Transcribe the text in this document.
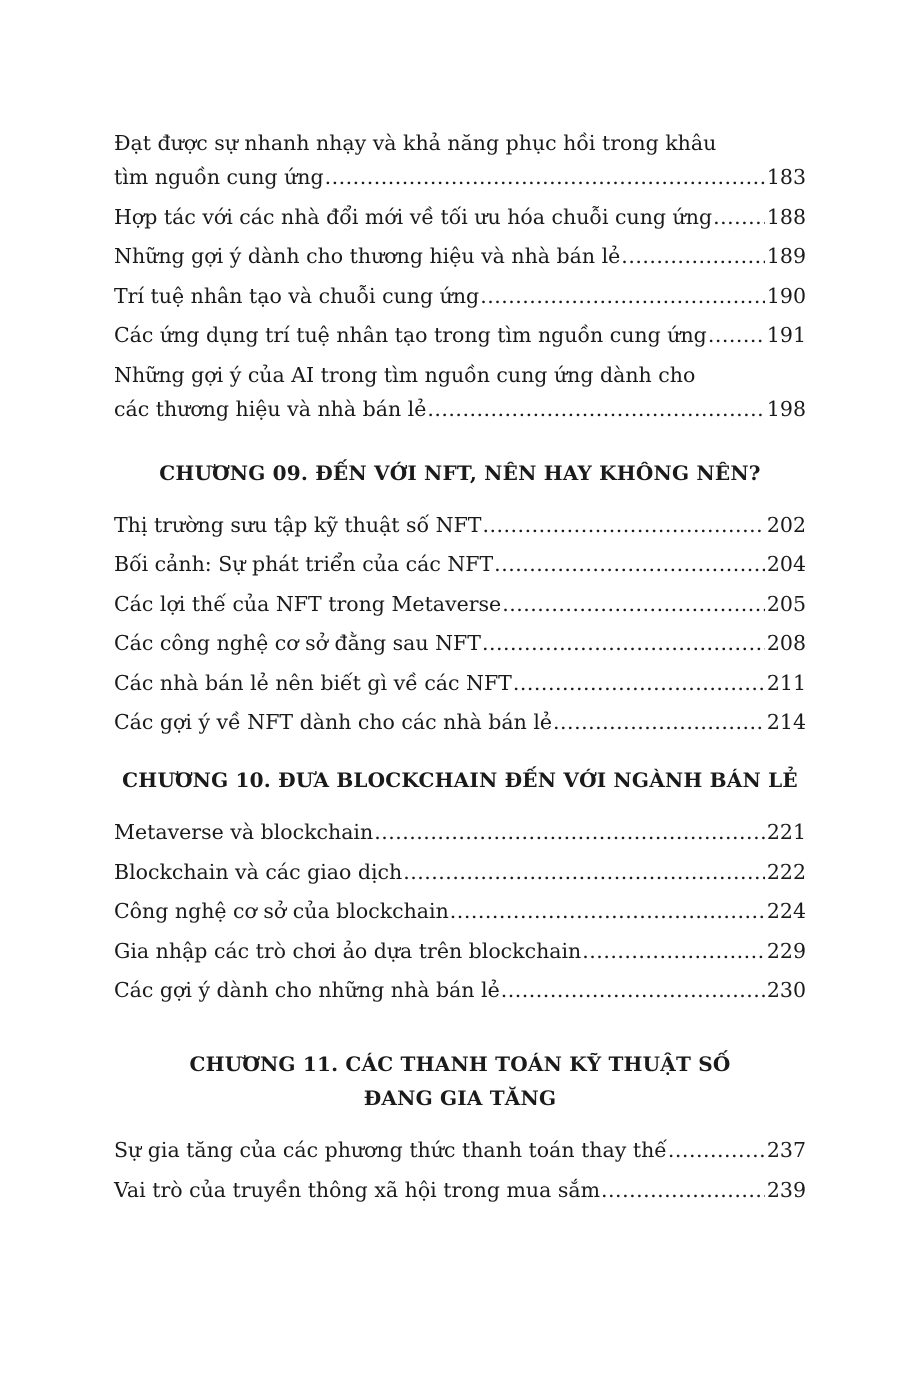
Đạt được sự nhanh nhạy và khả năng phục hồi trong khâu
tìm nguồn cung ứng .....	183
Hợp tác với các nhà đổi mới về tối ưu hóa chuỗi cung ứng .....	188
Những gợi ý dành cho thương hiệu và nhà bán lẻ .....	189
Trí tuệ nhân tạo và chuỗi cung ứng .....	190
Các ứng dụng trí tuệ nhân tạo trong tìm nguồn cung ứng .....	191
Những gợi ý của AI trong tìm nguồn cung ứng dành cho
các thương hiệu và nhà bán lẻ .....	198
CHƯƠNG 09. ĐẾN VỚI NFT, NÊN HAY KHÔNG NÊN?
Thị trường sưu tập kỹ thuật số NFT .....	202
Bối cảnh: Sự phát triển của các NFT .....	204
Các lợi thế của NFT trong Metaverse .....	205
Các công nghệ cơ sở đằng sau NFT .....	208
Các nhà bán lẻ nên biết gì về các NFT .....	211
Các gợi ý về NFT dành cho các nhà bán lẻ .....	214
CHƯƠNG 10. ĐƯA BLOCKCHAIN ĐẾN VỚI NGÀNH BÁN LẺ
Metaverse và blockchain .....	221
Blockchain và các giao dịch .....	222
Công nghệ cơ sở của blockchain .....	224
Gia nhập các trò chơi ảo dựa trên blockchain .....	229
Các gợi ý dành cho những nhà bán lẻ .....	230
CHƯƠNG 11. CÁC THANH TOÁN KỸ THUẬT SỐ
ĐANG GIA TĂNG
Sự gia tăng của các phương thức thanh toán thay thế .....	237
Vai trò của truyền thông xã hội trong mua sắm .....	239
